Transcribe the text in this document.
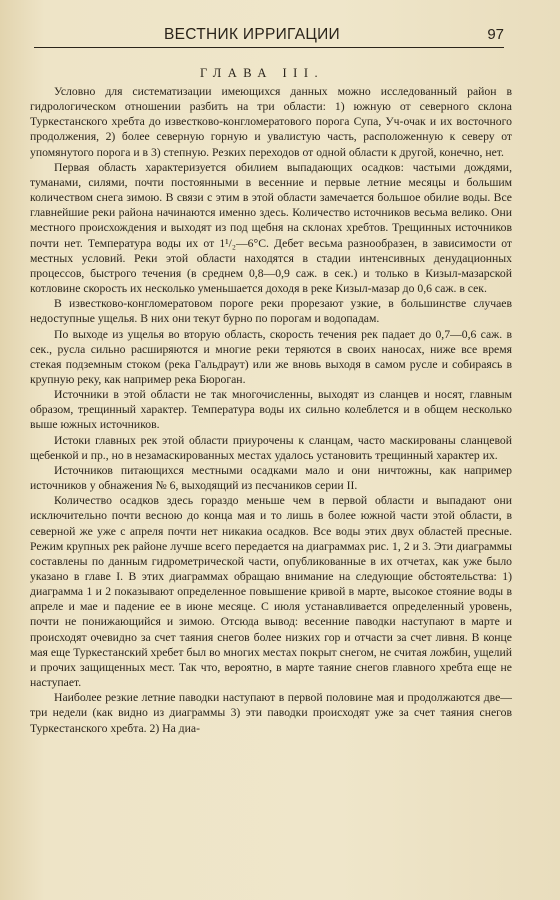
ВЕСТНИК ИРРИГАЦИИ	97
ГЛАВА III.

Условно для систематизации имеющихся данных можно исследованный район в гидрологическом отношении разбить на три области: 1) южную от северного склона Туркестанского хребта до известково-конгломератового порога Супа, Уч-очак и их восточного продолжения, 2) более северную горную и увалистую часть, расположенную к северу от упомянутого порога и в 3) степную. Резких переходов от одной области к другой, конечно, нет.

Первая область характеризуется обилием выпадающих осадков: частыми дождями, туманами, силями, почти постоянными в весенние и первые летние месяцы и большим количеством снега зимою. В связи с этим в этой области замечается большое обилие воды. Все главнейшие реки района начинаются именно здесь. Количество источников весьма велико. Они местного происхождения и выходят из под щебня на склонах хребтов. Трещинных источников почти нет. Температура воды их от 1¹/₂—6°C. Дебет весьма разнообразен, в зависимости от местных условий. Реки этой области находятся в стадии интенсивных денудационных процессов, быстрого течения (в среднем 0,8—0,9 саж. в сек.) и только в Кизыл-мазарской котловине скорость их несколько уменьшается доходя в реке Кизыл-мазар до 0,6 саж. в сек.

В известково-конгломератовом пороге реки прорезают узкие, в большинстве случаев недоступные ущелья. В них они текут бурно по порогам и водопадам.

По выходе из ущелья во вторую область, скорость течения рек падает до 0,7—0,6 саж. в сек., русла сильно расширяются и многие реки теряются в своих наносах, ниже все время стекая подземным стоком (река Гальдраут) или же вновь выходя в самом русле и собираясь в крупную реку, как например река Бюроган.

Источники в этой области не так многочисленны, выходят из сланцев и носят, главным образом, трещинный характер. Температура воды их сильно колеблется и в общем несколько выше южных источников.

Истоки главных рек этой области приурочены к сланцам, часто маскированы сланцевой щебенкой и пр., но в незамаскированных местах удалось установить трещинный характер их.

Источников питающихся местными осадками мало и они ничтожны, как например источников у обнажения № 6, выходящий из песчаников серии II.

Количество осадков здесь гораздо меньше чем в первой области и выпадают они исключительно почти весною до конца мая и то лишь в более южной части этой области, в северной же уже с апреля почти нет никакиа осадков. Все воды этих двух областей пресные. Режим крупных рек районе лучше всего передается на диаграммах рис. 1, 2 и 3. Эти диаграммы составлены по данным гидрометрической части, опубликованные в их отчетах, как уже было указано в главе I. В этих диаграммах обращаю внимание на следующие обстоятельства: 1) диаграмма 1 и 2 показывают определенное повышение кривой в марте, высокое стояние воды в апреле и мае и падение ее в июне месяце. С июля устанавливается определенный уровень, почти не понижающийся и зимою. Отсюда вывод: весенние паводки наступают в марте и происходят очевидно за счет таяния снегов более низких гор и отчасти за счет ливня. В конце мая еще Туркестанский хребет был во многих местах покрыт снегом, не считая ложбин, ущелий и прочих защищенных мест. Так что, вероятно, в марте таяние снегов главного хребта еще не наступает.

Наиболее резкие летние паводки наступают в первой половине мая и продолжаются две—три недели (как видно из диаграммы 3) эти паводки происходят уже за счет таяния снегов Туркестанского хребта. 2) На диа-
